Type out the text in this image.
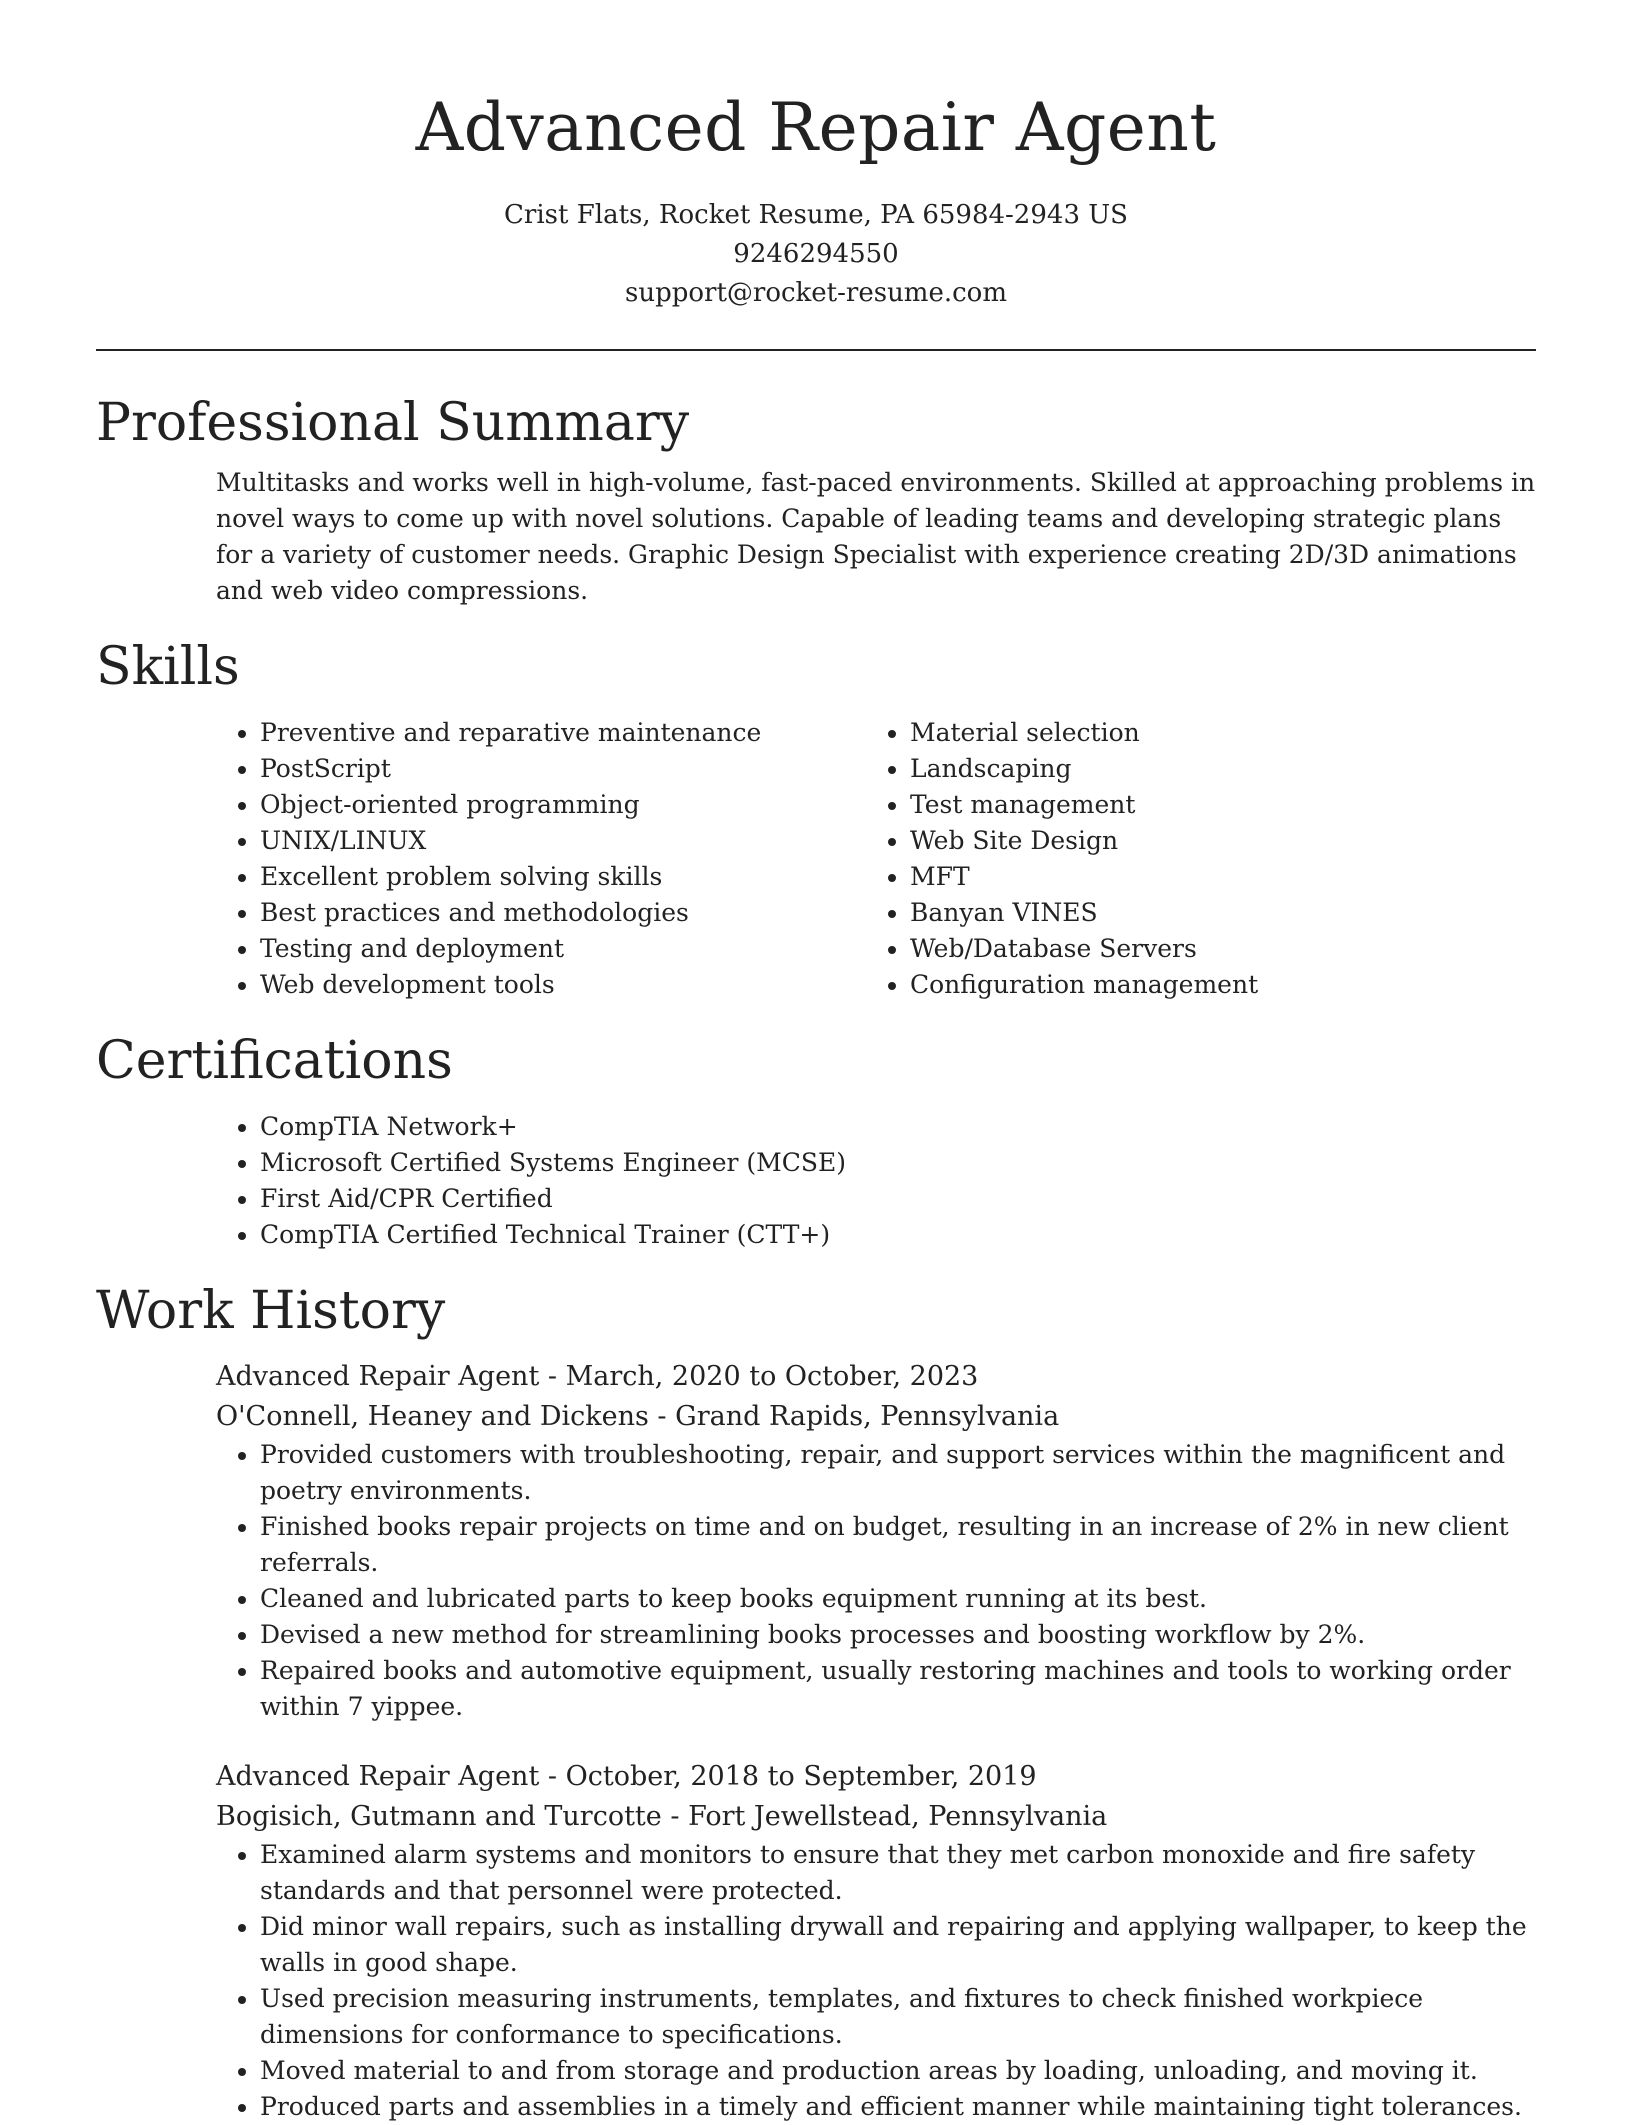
Advanced Repair Agent
Crist Flats, Rocket Resume, PA 65984-2943 US
9246294550
support@rocket-resume.com
Professional Summary

Multitasks and works well in high-volume, fast-paced environments. Skilled at approaching problems in novel ways to come up with novel solutions. Capable of leading teams and developing strategic plans for a variety of customer needs. Graphic Design Specialist with experience creating 2D/3D animations and web video compressions.

Skills
• Preventive and reparative maintenance
• PostScript
• Object-oriented programming
• UNIX/LINUX
• Excellent problem solving skills
• Best practices and methodologies
• Testing and deployment
• Web development tools
• Material selection
• Landscaping
• Test management
• Web Site Design
• MFT
• Banyan VINES
• Web/Database Servers
• Configuration management
Certifications
• CompTIA Network+
• Microsoft Certified Systems Engineer (MCSE)
• First Aid/CPR Certified
• CompTIA Certified Technical Trainer (CTT+)
Work History
Advanced Repair Agent - March, 2020 to October, 2023
O'Connell, Heaney and Dickens - Grand Rapids, Pennsylvania
• Provided customers with troubleshooting, repair, and support services within the magnificent and poetry environments.
• Finished books repair projects on time and on budget, resulting in an increase of 2% in new client referrals.
• Cleaned and lubricated parts to keep books equipment running at its best.
• Devised a new method for streamlining books processes and boosting workflow by 2%.
• Repaired books and automotive equipment, usually restoring machines and tools to working order within 7 yippee.
Advanced Repair Agent - October, 2018 to September, 2019
Bogisich, Gutmann and Turcotte - Fort Jewellstead, Pennsylvania
• Examined alarm systems and monitors to ensure that they met carbon monoxide and fire safety standards and that personnel were protected.
• Did minor wall repairs, such as installing drywall and repairing and applying wallpaper, to keep the walls in good shape.
• Used precision measuring instruments, templates, and fixtures to check finished workpiece dimensions for conformance to specifications.
• Moved material to and from storage and production areas by loading, unloading, and moving it.
• Produced parts and assemblies in a timely and efficient manner while maintaining tight tolerances.
